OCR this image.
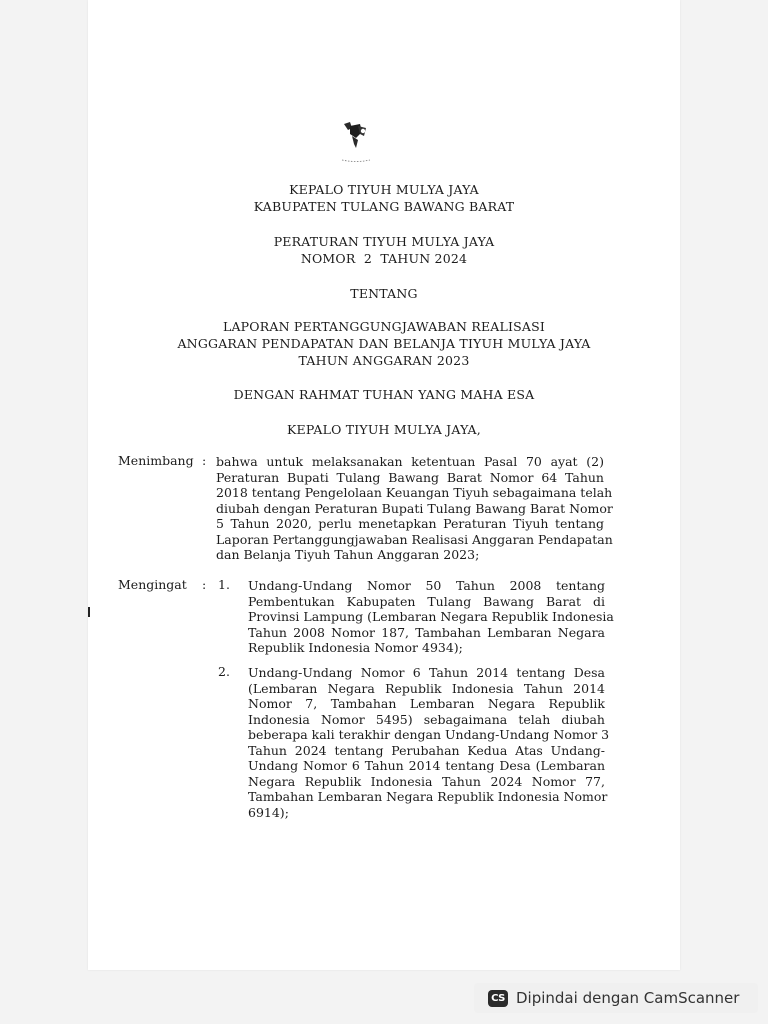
KEPALO TIYUH MULYA JAYA
KABUPATEN TULANG BAWANG BARAT
PERATURAN TIYUH MULYA JAYA
NOMOR  2  TAHUN 2024
TENTANG
LAPORAN PERTANGGUNGJAWABAN REALISASI
ANGGARAN PENDAPATAN DAN BELANJA TIYUH MULYA JAYA
TAHUN ANGGARAN 2023
DENGAN RAHMAT TUHAN YANG MAHA ESA
KEPALO TIYUH MULYA JAYA,
Menimbang : bahwa untuk melaksanakan ketentuan Pasal 70 ayat (2)
Peraturan Bupati Tulang Bawang Barat Nomor 64 Tahun
2018 tentang Pengelolaan Keuangan Tiyuh sebagaimana telah
diubah dengan Peraturan Bupati Tulang Bawang Barat Nomor
5 Tahun 2020, perlu menetapkan Peraturan Tiyuh tentang
Laporan Pertanggungjawaban Realisasi Anggaran Pendapatan
dan Belanja Tiyuh Tahun Anggaran 2023;
Mengingat : 1. Undang-Undang Nomor 50 Tahun 2008 tentang
Pembentukan Kabupaten Tulang Bawang Barat di
Provinsi Lampung (Lembaran Negara Republik Indonesia
Tahun 2008 Nomor 187, Tambahan Lembaran Negara
Republik Indonesia Nomor 4934);
2. Undang-Undang Nomor 6 Tahun 2014 tentang Desa
(Lembaran Negara Republik Indonesia Tahun 2014
Nomor 7, Tambahan Lembaran Negara Republik
Indonesia Nomor 5495) sebagaimana telah diubah
beberapa kali terakhir dengan Undang-Undang Nomor 3
Tahun 2024 tentang Perubahan Kedua Atas Undang-
Undang Nomor 6 Tahun 2014 tentang Desa (Lembaran
Negara Republik Indonesia Tahun 2024 Nomor 77,
Tambahan Lembaran Negara Republik Indonesia Nomor
6914);
CS Dipindai dengan CamScanner
